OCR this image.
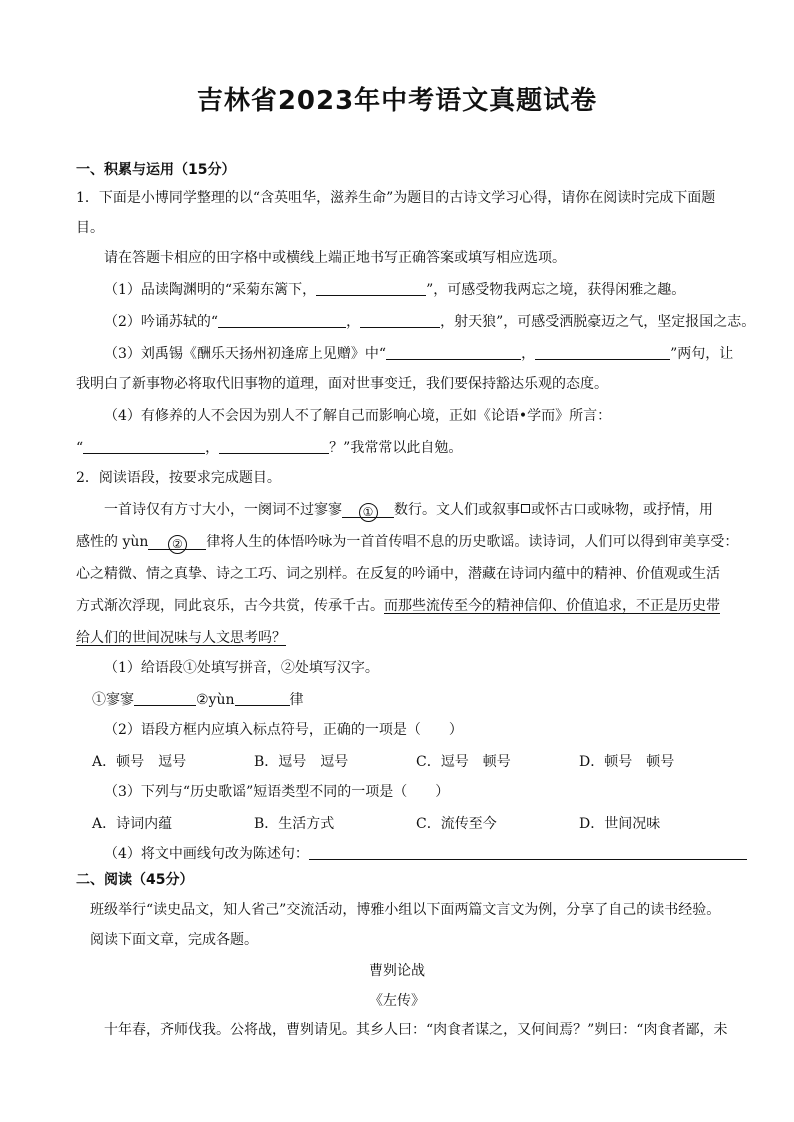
吉林省2023年中考语文真题试卷
一、积累与运用（15分）
1．下面是小博同学整理的以“含英咀华，滋养生命”为题目的古诗文学习心得，请你在阅读时完成下面题
目。
请在答题卡相应的田字格中或横线上端正地书写正确答案或填写相应选项。
（1）品读陶渊明的“采菊东篱下，	”，可感受物我两忘之境，获得闲雅之趣。
（2）吟诵苏轼的“	，	，射天狼”，可感受洒脱豪迈之气，坚定报国之志。
（3）刘禹锡《酬乐天扬州初逢席上见赠》中“	，	”两句，让
我明白了新事物必将取代旧事物的道理，面对世事变迁，我们要保持豁达乐观的态度。
（4）有修养的人不会因为别人不了解自己而影响心境，正如《论语•学而》所言：
“	，	？”我常常以此自勉。
2．阅读语段，按要求完成题目。
一首诗仅有方寸大小，一阕词不过寥寥 ① 数行。文人们或叙事 或怀古口或咏物，或抒情，用
感性的 yùn ② 律将人生的体悟吟咏为一首首传唱不息的历史歌谣。读诗词，人们可以得到审美享受：
心之精微、情之真挚、诗之工巧、词之别样。在反复的吟诵中，潜藏在诗词内蕴中的精神、价值观或生活
方式渐次浮现，同此哀乐，古今共赏，传承千古。而那些流传至今的精神信仰、价值追求，不正是历史带
给人们的世间况味与人文思考吗？
（1）给语段①处填写拼音，②处填写汉字。
①寥寥	②yùn	律
（2）语段方框内应填入标点符号，正确的一项是（　　）
A．顿号　逗号	B．逗号　逗号	C．逗号　顿号	D．顿号　顿号
（3）下列与“历史歌谣”短语类型不同的一项是（　　）
A．诗词内蕴	B．生活方式	C．流传至今	D．世间况味
（4）将文中画线句改为陈述句：
二、阅读（45分）
班级举行“读史品文，知人省己”交流活动，博雅小组以下面两篇文言文为例，分享了自己的读书经验。
阅读下面文章，完成各题。
曹刿论战
《左传》
十年春，齐师伐我。公将战，曹刿请见。其乡人曰：“肉食者谋之，又何间焉？”刿曰：“肉食者鄙，未
